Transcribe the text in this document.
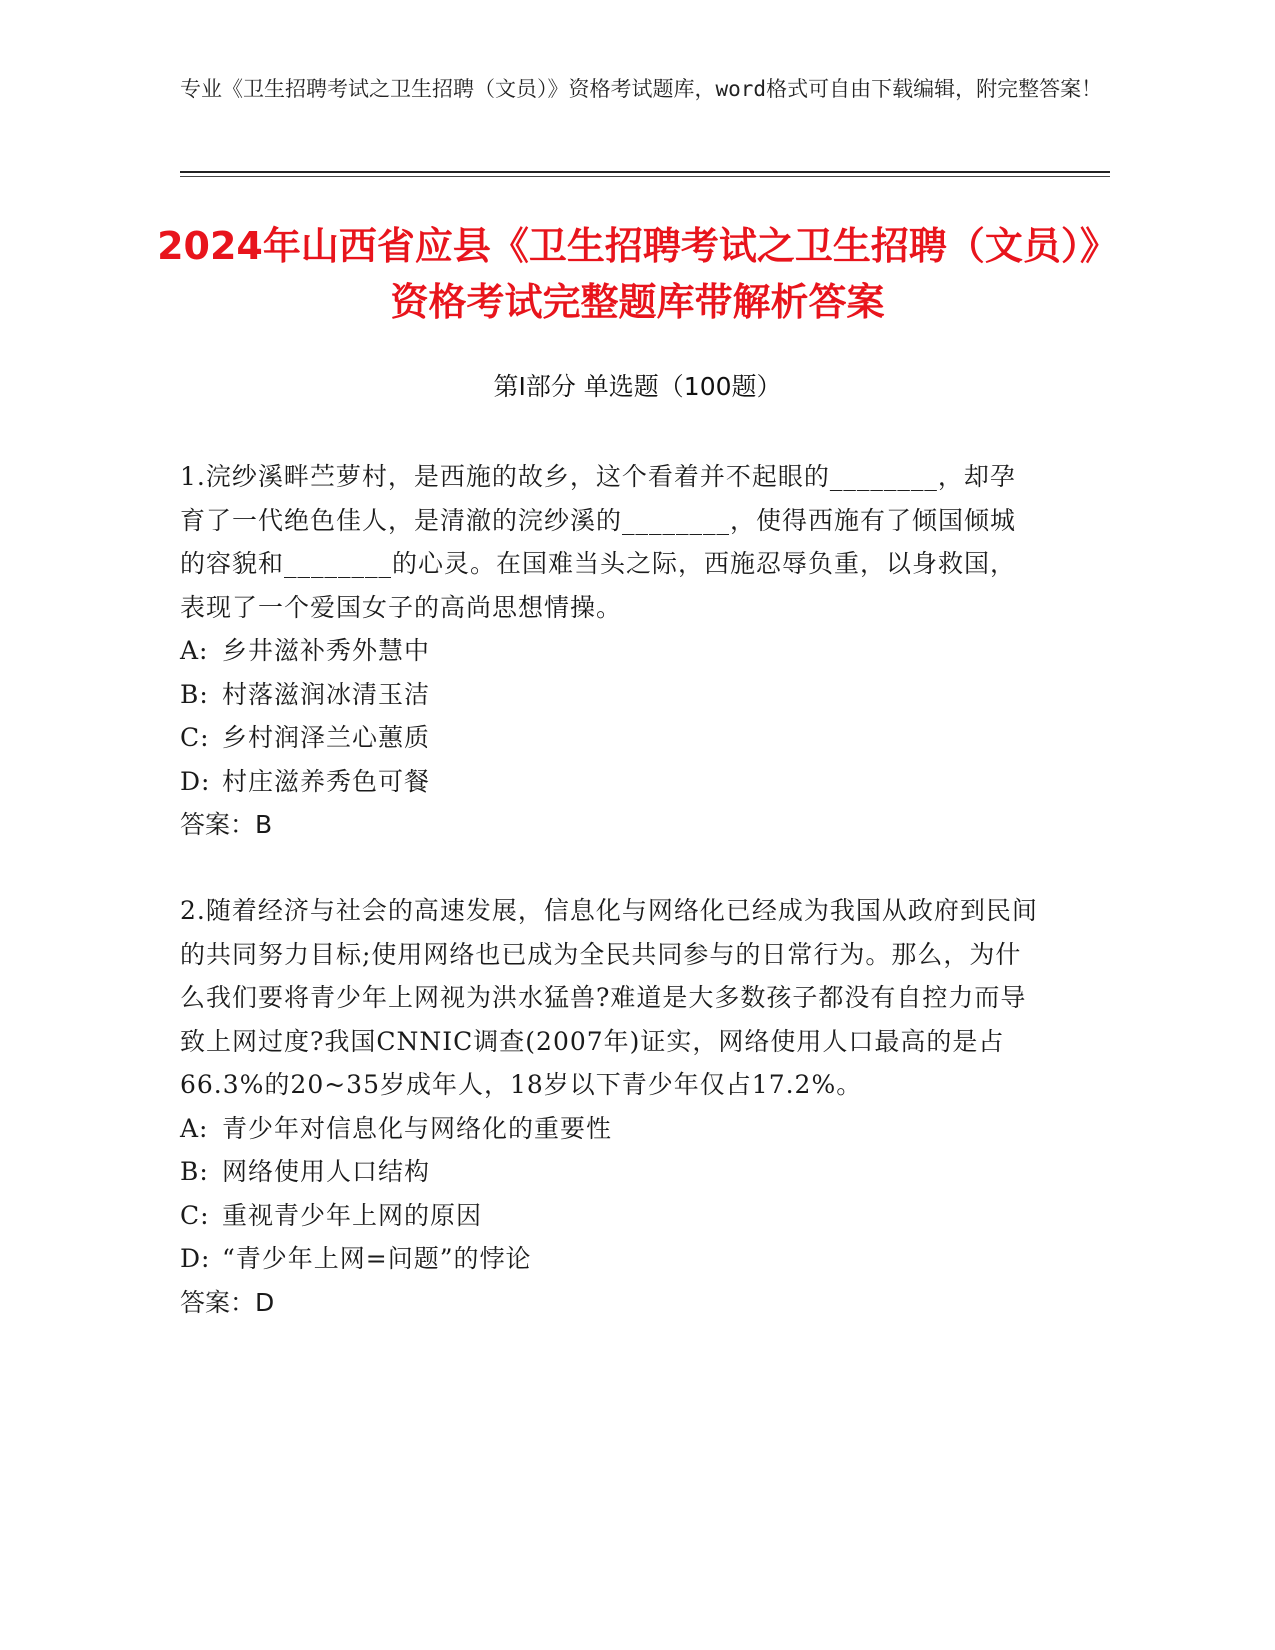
专业《卫生招聘考试之卫生招聘（文员）》资格考试题库，word格式可自由下载编辑，附完整答案！
2024年山西省应县《卫生招聘考试之卫生招聘（文员）》资格考试完整题库带解析答案
第I部分 单选题（100题）

1.浣纱溪畔苎萝村，是西施的故乡，这个看着并不起眼的________，却孕育了一代绝色佳人，是清澈的浣纱溪的________，使得西施有了倾国倾城的容貌和________的心灵。在国难当头之际，西施忍辱负重，以身救国，表现了一个爱国女子的高尚思想情操。

A: 乡井滋补秀外慧中

B: 村落滋润冰清玉洁

C: 乡村润泽兰心蕙质

D: 村庄滋养秀色可餐

答案：B

2.随着经济与社会的高速发展，信息化与网络化已经成为我国从政府到民间的共同努力目标;使用网络也已成为全民共同参与的日常行为。那么，为什么我们要将青少年上网视为洪水猛兽?难道是大多数孩子都没有自控力而导致上网过度?我国CNNIC调查(2007年)证实，网络使用人口最高的是占66.3%的20~35岁成年人，18岁以下青少年仅占17.2%。

A: 青少年对信息化与网络化的重要性

B: 网络使用人口结构

C: 重视青少年上网的原因

D: “青少年上网=问题”的悖论

答案：D
